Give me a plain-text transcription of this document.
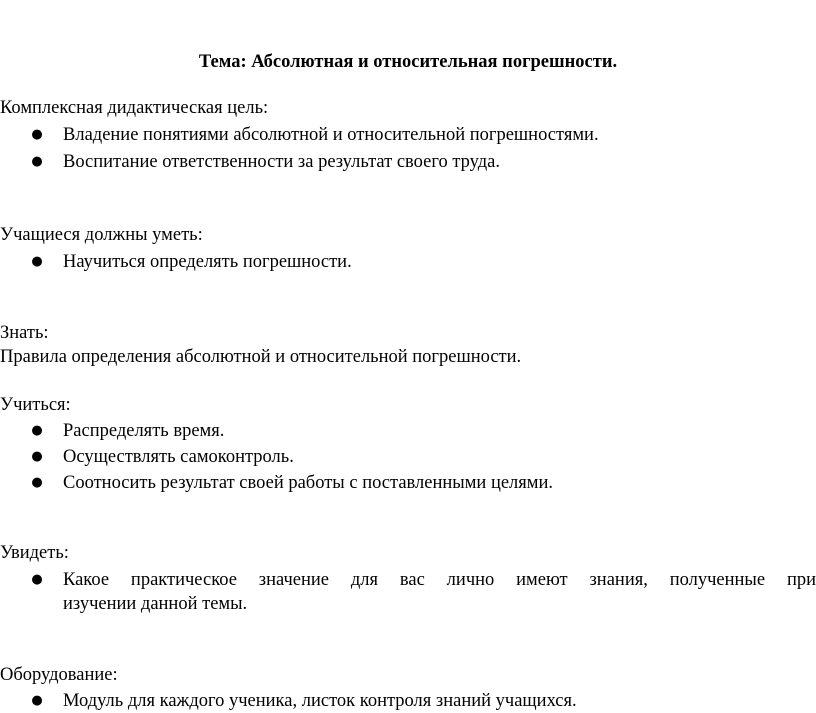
Тема: Абсолютная и относительная погрешности.
Комплексная дидактическая цель:
● Владение понятиями абсолютной и относительной погрешностями.
● Воспитание ответственности за результат своего труда.
Учащиеся должны уметь:
● Научиться определять погрешности.
Знать:
Правила определения абсолютной и относительной погрешности.
Учиться:
● Распределять время.
● Осуществлять самоконтроль.
● Соотносить результат своей работы с поставленными целями.
Увидеть:
● Какое практическое значение для вас лично имеют знания, полученные при
изучении данной темы.
Оборудование:
● Модуль для каждого ученика, листок контроля знаний учащихся.
